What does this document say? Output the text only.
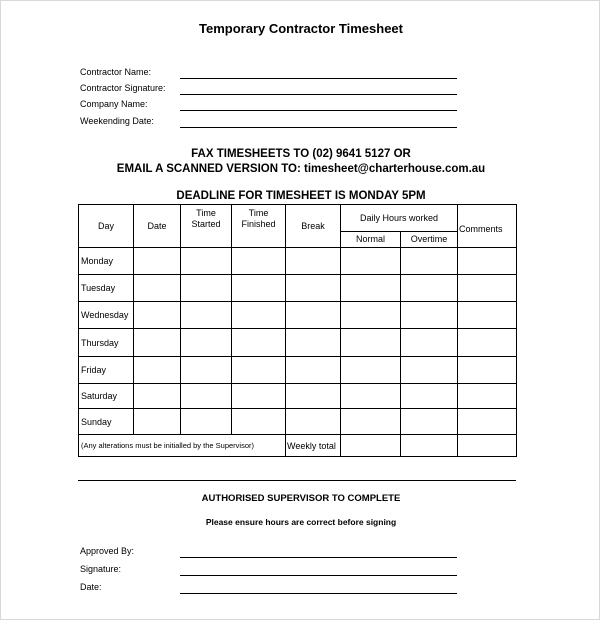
Temporary Contractor Timesheet
Contractor Name:
Contractor Signature:
Company Name:
Weekending Date:
FAX TIMESHEETS TO (02) 9641 5127 OR
EMAIL A SCANNED VERSION TO: timesheet@charterhouse.com.au
DEADLINE FOR TIMESHEET IS MONDAY 5PM
Day	Date	Time Started	Time Finished	Break	Daily Hours worked		Comments
					Normal	Overtime	
Monday							
Tuesday							
Wednesday							
Thursday							
Friday							
Saturday							
Sunday							
(Any alterations must be initialled by the Supervisor)				Weekly total			
AUTHORISED SUPERVISOR TO COMPLETE
Please ensure hours are correct before signing
Approved By:
Signature:
Date:
